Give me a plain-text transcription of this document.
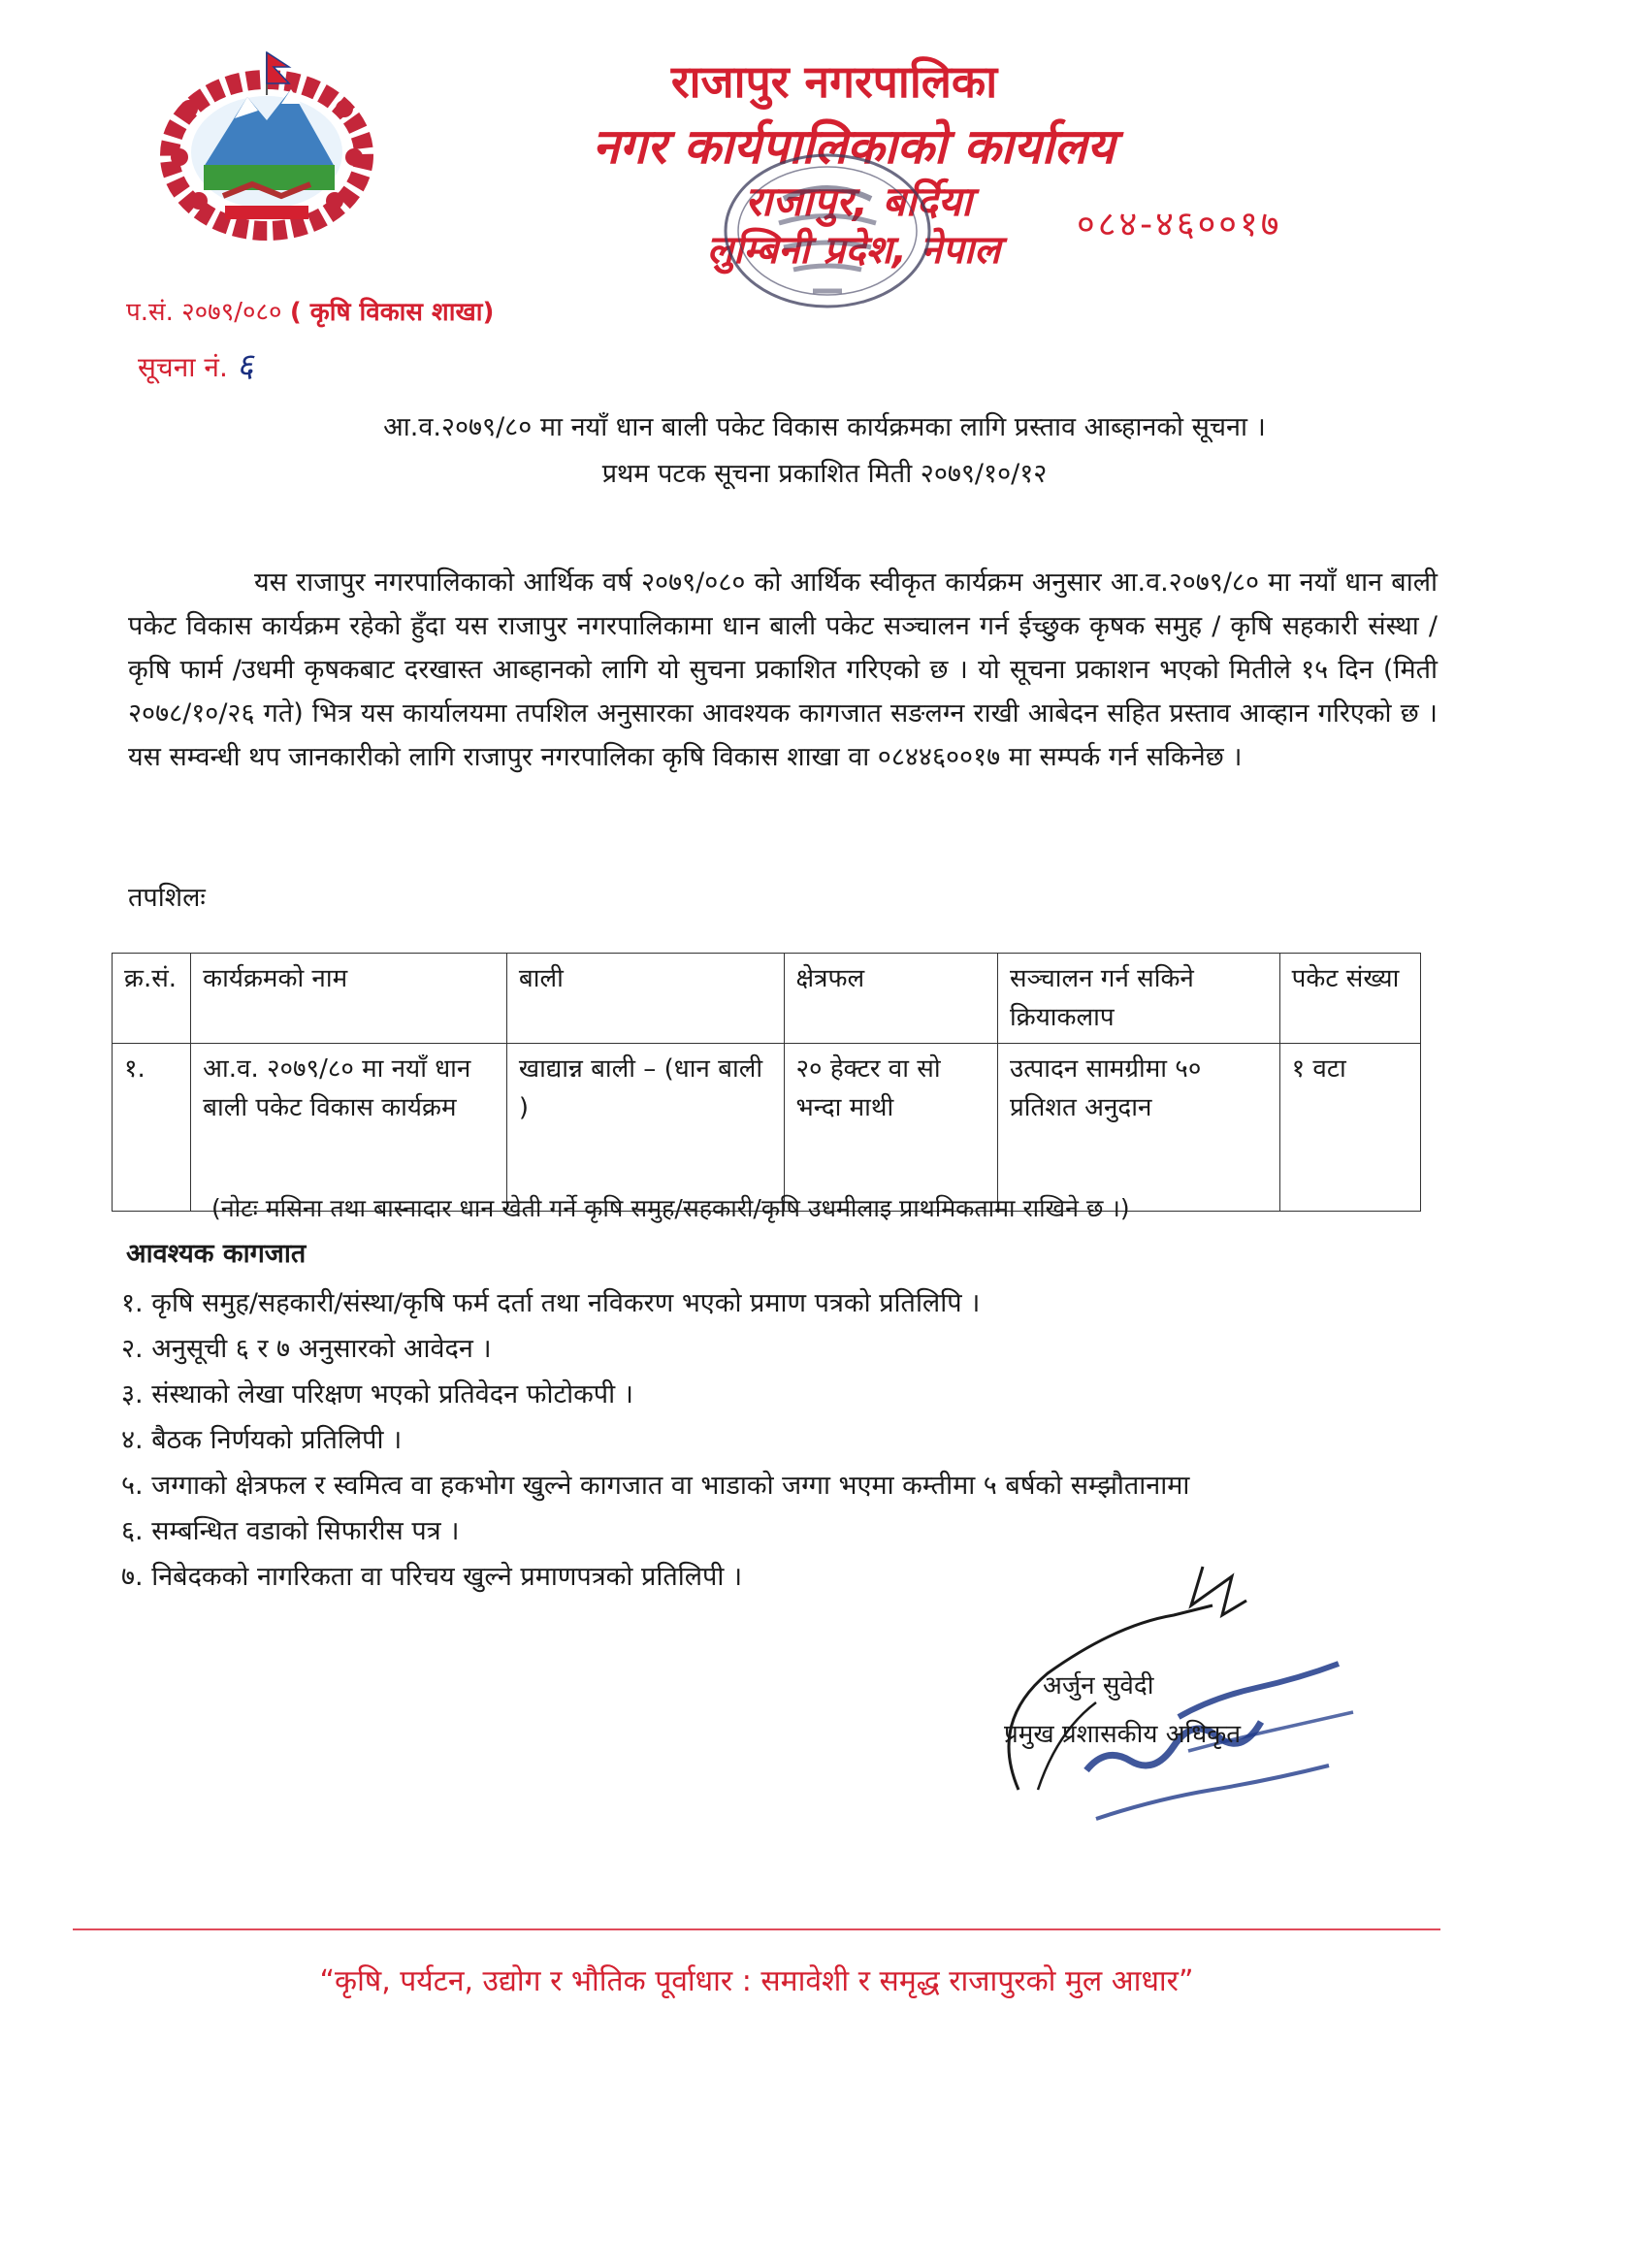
राजापुर नगरपालिका
नगर कार्यपालिकाको कार्यालय
राजापुर, बर्दिया
लुम्बिनी प्रदेश, नेपाल
०८४-४६००१७
प.सं. २०७९/०८० ( कृषि विकास शाखा)
सूचना नं. ६
आ.व.२०७९/८० मा नयाँ धान बाली पकेट विकास कार्यक्रमका लागि प्रस्ताव आब्हानको सूचना ।
प्रथम पटक सूचना प्रकाशित मिती २०७९/१०/१२

यस राजापुर नगरपालिकाको आर्थिक वर्ष २०७९/०८० को आर्थिक स्वीकृत कार्यक्रम अनुसार आ.व.२०७९/८० मा नयाँ धान बाली पकेट विकास कार्यक्रम रहेको हुँदा यस राजापुर नगरपालिकामा धान बाली पकेट सञ्चालन गर्न ईच्छुक कृषक समुह / कृषि सहकारी संस्था / कृषि फार्म /उधमी कृषकबाट दरखास्त आब्हानको लागि यो सुचना प्रकाशित गरिएको छ । यो सूचना प्रकाशन भएको मितीले १५ दिन (मिती २०७८/१०/२६ गते) भित्र यस कार्यालयमा तपशिल अनुसारका आवश्यक कागजात सङलग्न राखी आबेदन सहित प्रस्ताव आव्हान गरिएको छ । यस सम्वन्धी थप जानकारीको लागि राजापुर नगरपालिका कृषि विकास शाखा वा ०८४४६००१७ मा सम्पर्क गर्न सकिनेछ ।

तपशिलः
क्र.सं.	कार्यक्रमको नाम	बाली	क्षेत्रफल	सञ्चालन गर्न सकिने क्रियाकलाप	पकेट संख्या
१.	आ.व. २०७९/८० मा नयाँ धान बाली पकेट विकास कार्यक्रम	खाद्यान्न बाली – (धान बाली )	२० हेक्टर वा सो भन्दा माथी	उत्पादन सामग्रीमा ५० प्रतिशत अनुदान	१ वटा
(नोटः मसिना तथा बास्नादार धान खेती गर्ने कृषि समुह/सहकारी/कृषि उधमीलाइ प्राथमिकतामा राखिने छ ।)
आवश्यक कागजात
१. कृषि समुह/सहकारी/संस्था/कृषि फर्म दर्ता तथा नविकरण भएको प्रमाण पत्रको प्रतिलिपि ।
२. अनुसूची ६ र ७ अनुसारको आवेदन ।
३. संस्थाको लेखा परिक्षण भएको प्रतिवेदन फोटोकपी ।
४. बैठक निर्णयको प्रतिलिपी ।
५. जग्गाको क्षेत्रफल र स्वमित्व वा हकभोग खुल्ने कागजात वा भाडाको जग्गा भएमा कम्तीमा ५ बर्षको सम्झौतानामा
६. सम्बन्धित वडाको सिफारीस पत्र ।
७. निबेदकको नागरिकता वा परिचय खुल्ने प्रमाणपत्रको प्रतिलिपी ।
अर्जुन सुवेदी
प्रमुख प्रशासकीय अधिकृत
“कृषि, पर्यटन, उद्योग र भौतिक पूर्वाधार : समावेशी र समृद्ध राजापुरको मुल आधार”
